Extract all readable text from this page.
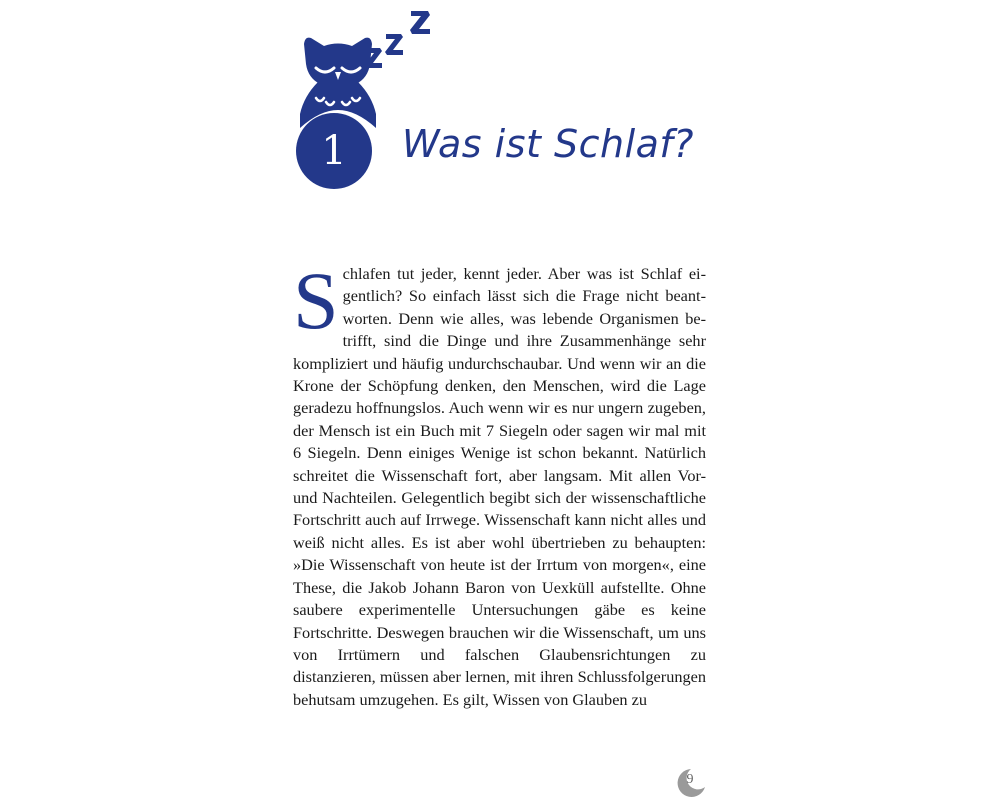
1	Was ist Schlaf?

Schlafen tut jeder, kennt jeder. Aber was ist Schlaf eigentlich? So einfach lässt sich die Frage nicht beantworten. Denn wie alles, was lebende Organismen betrifft, sind die Dinge und ihre Zusammenhänge sehr kompliziert und häufig undurchschaubar. Und wenn wir an die Krone der Schöpfung denken, den Menschen, wird die Lage geradezu hoffnungslos. Auch wenn wir es nur ungern zugeben, der Mensch ist ein Buch mit 7 Siegeln oder sagen wir mal mit 6 Siegeln. Denn einiges Wenige ist schon bekannt. Natürlich schreitet die Wissenschaft fort, aber langsam. Mit allen Vor- und Nachteilen. Gelegentlich begibt sich der wissenschaftliche Fortschritt auch auf Irrwege. Wissenschaft kann nicht alles und weiß nicht alles. Es ist aber wohl übertrieben zu behaupten: »Die Wissenschaft von heute ist der Irrtum von morgen«, eine These, die Jakob Johann Baron von Uexküll aufstellte. Ohne saubere experimentelle Untersuchungen gäbe es keine Fortschritte. Deswegen brauchen wir die Wissenschaft, um uns von Irrtümern und falschen Glaubensrichtungen zu distanzieren, müssen aber lernen, mit ihren Schlussfolgerungen behutsam umzugehen. Es gilt, Wissen von Glauben zu

9
